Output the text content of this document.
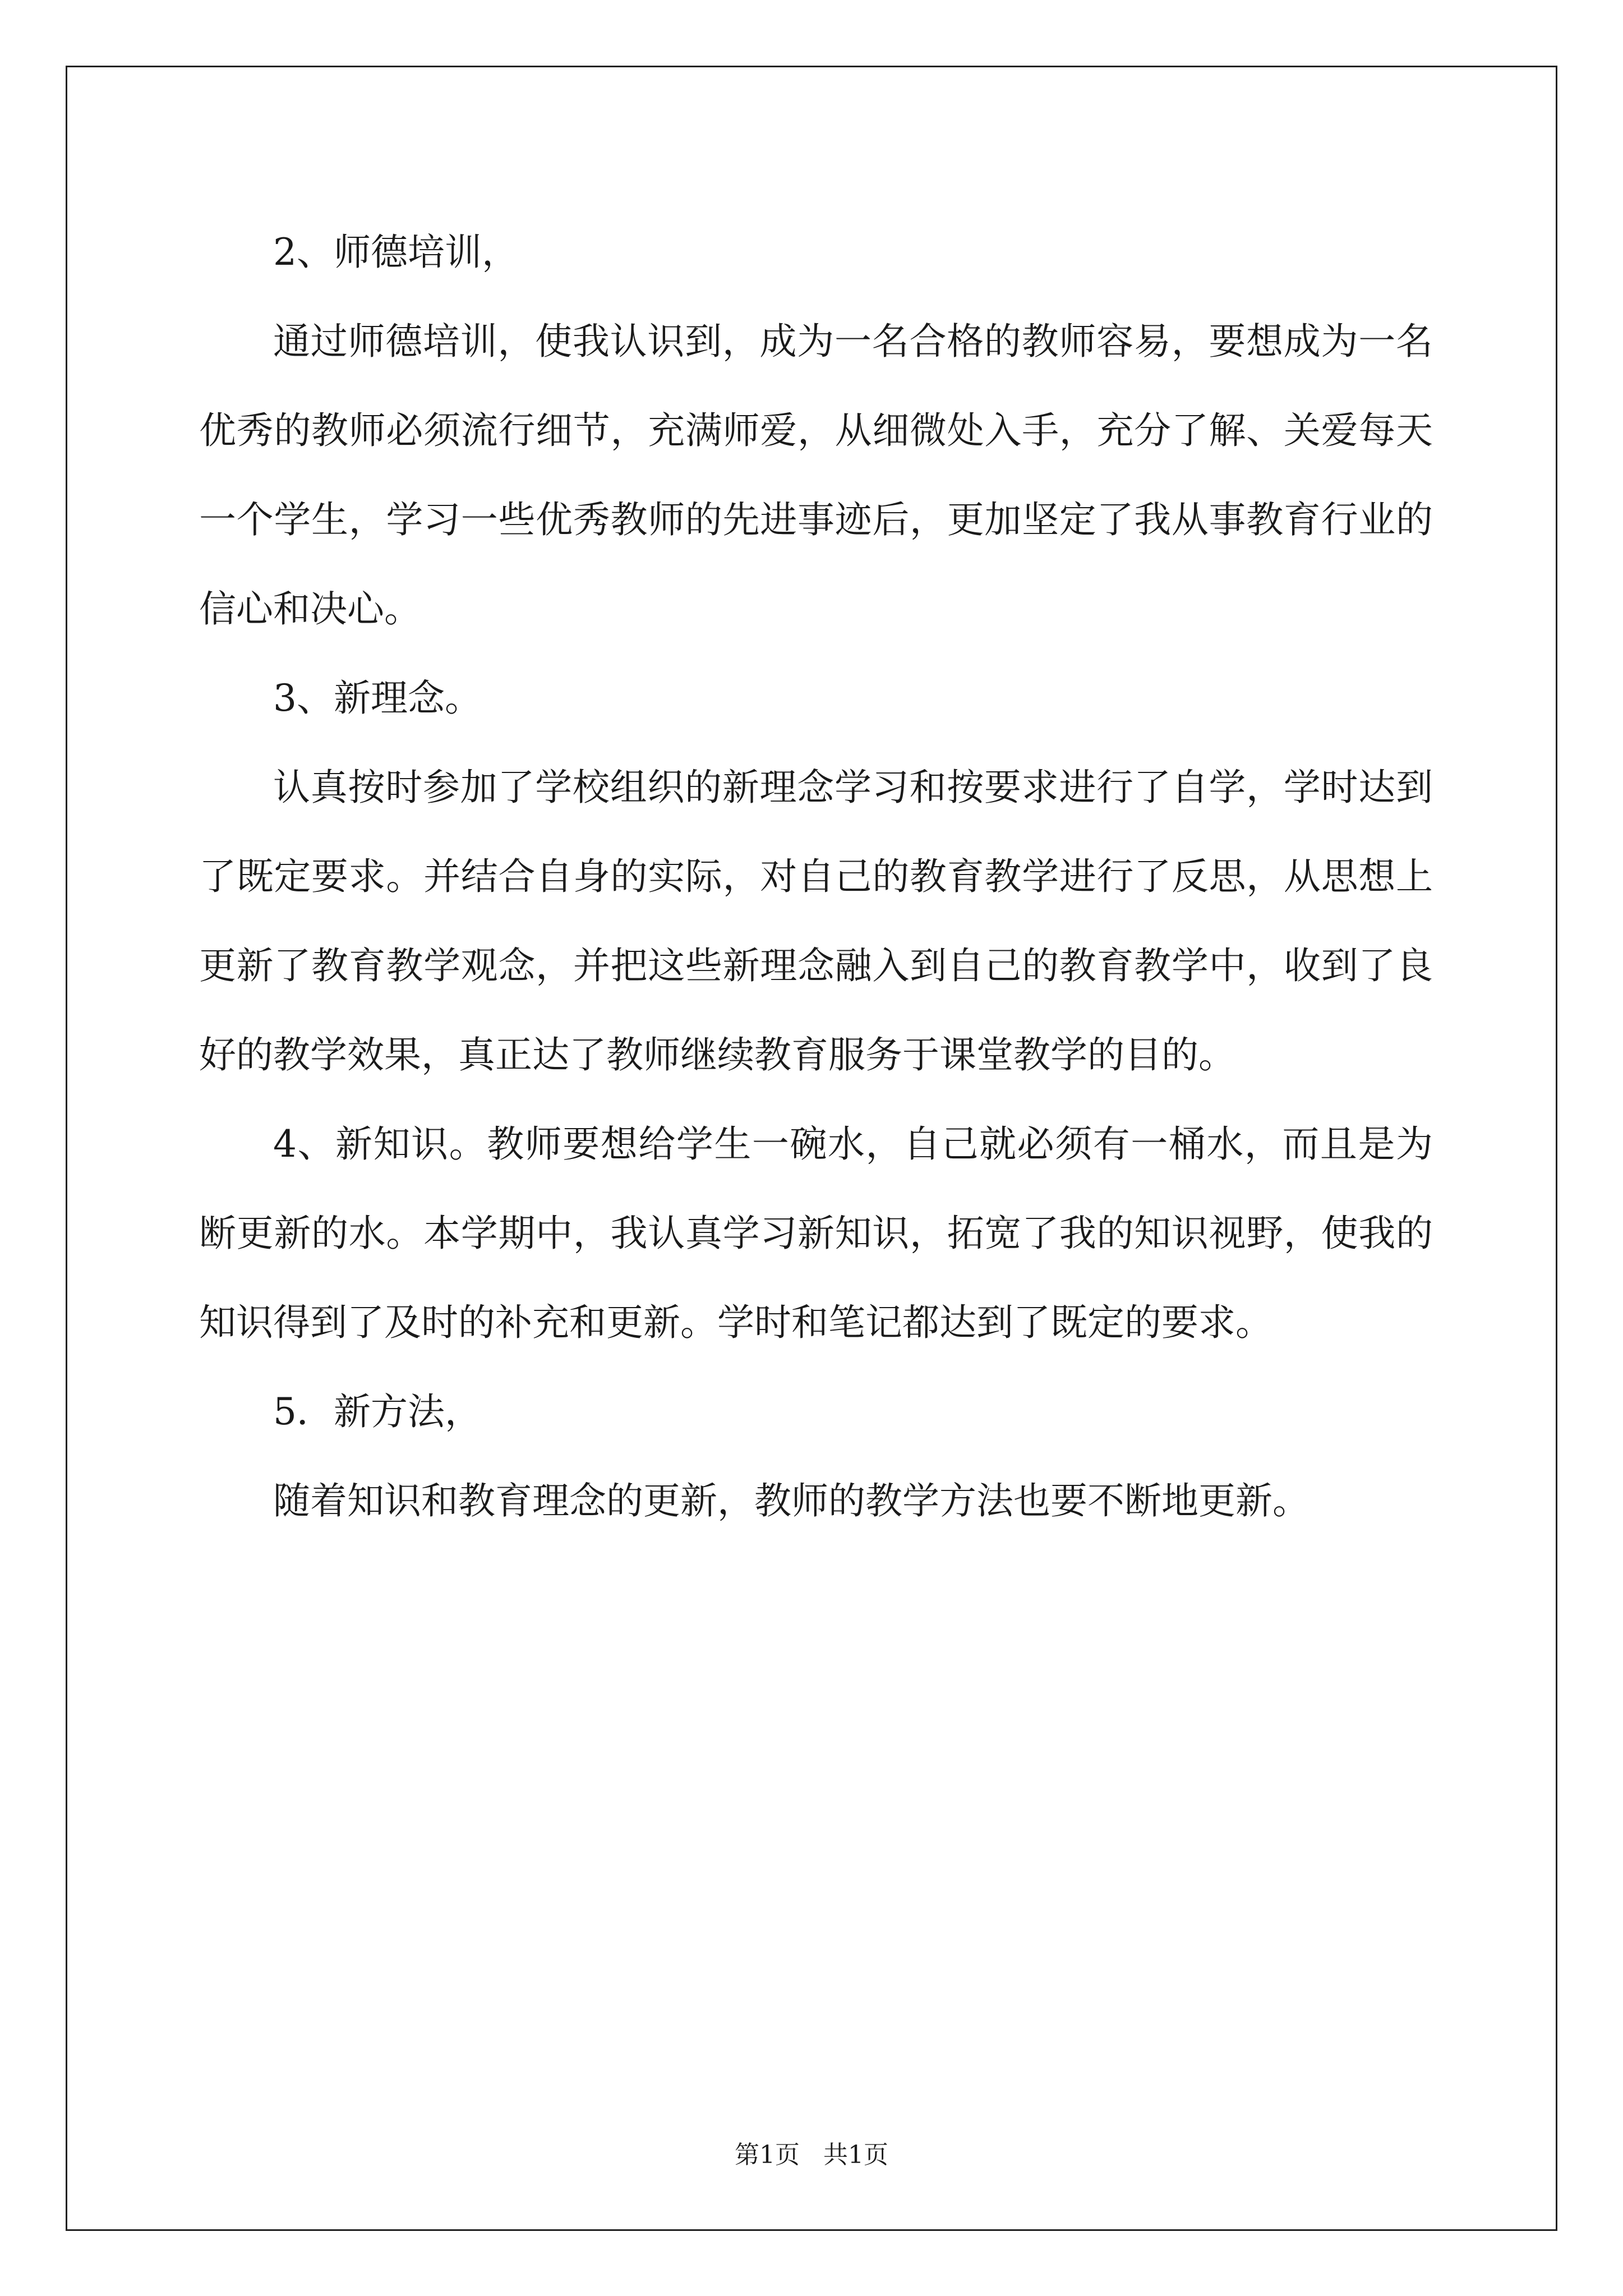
2、师德培训，

通过师德培训，使我认识到，成为一名合格的教师容易，要想成为一名优秀的教师必须流行细节，充满师爱，从细微处入手，充分了解、关爱每天一个学生，学习一些优秀教师的先进事迹后，更加坚定了我从事教育行业的信心和决心。

3、新理念。

认真按时参加了学校组织的新理念学习和按要求进行了自学，学时达到了既定要求。并结合自身的实际，对自己的教育教学进行了反思，从思想上更新了教育教学观念，并把这些新理念融入到自己的教育教学中，收到了良好的教学效果，真正达了教师继续教育服务于课堂教学的目的。

4、新知识。教师要想给学生一碗水，自己就必须有一桶水，而且是为断更新的水。本学期中，我认真学习新知识，拓宽了我的知识视野，使我的知识得到了及时的补充和更新。学时和笔记都达到了既定的要求。

5．新方法，

随着知识和教育理念的更新，教师的教学方法也要不断地更新。

第1页 共1页
